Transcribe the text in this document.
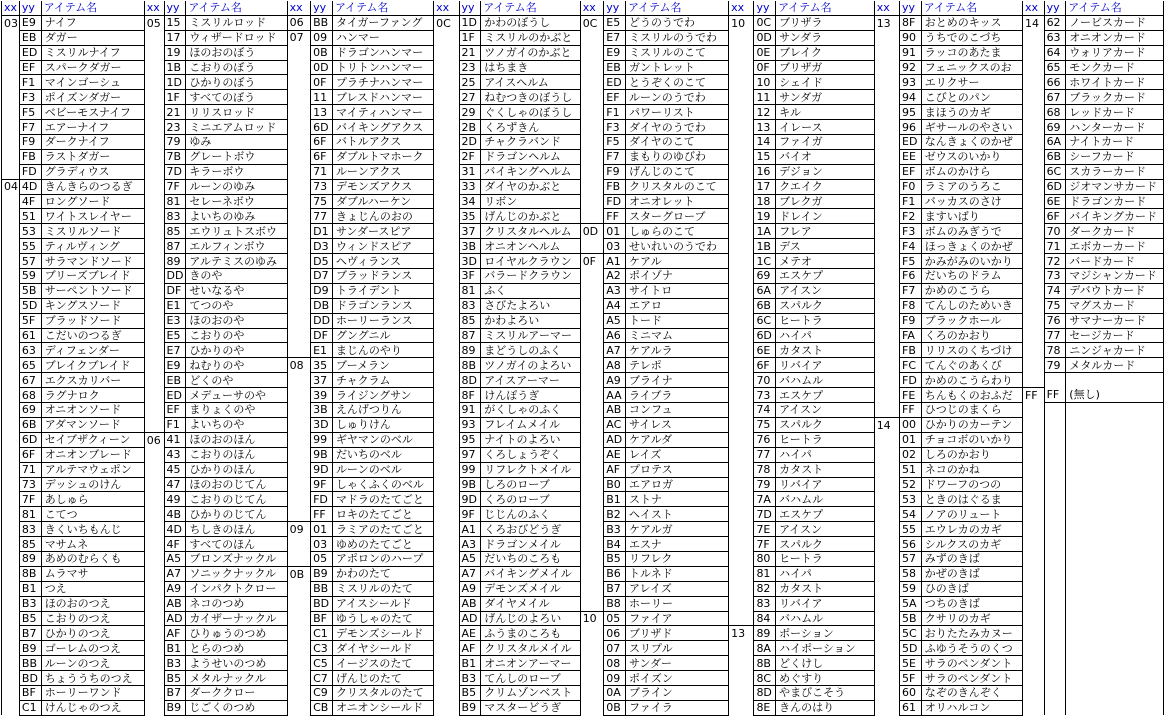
xx	yy	アイテム名	xx	yy	アイテム名	xx	yy	アイテム名	xx	yy	アイテム名	xx	yy	アイテム名	xx	yy	アイテム名	xx	yy	アイテム名	xx	yy	アイテム名
03	E9	ナイフ	05	15	ミスリルロッド	06	BB	タイガーファング	0C	1D	かわのぼうし	0C	E5	どうのうでわ	10	0C	ブリザラ	13	8F	おとめのキッス	14	62	ノービスカード
	EB	ダガー		17	ウィザードロッド	07	09	ハンマー		1F	ミスリルのかぶと		E7	ミスリルのうでわ		0D	サンダラ		90	うちでのこづち		63	オニオンカード
	ED	ミスリルナイフ		19	ほのおのぼう		0B	ドラゴンハンマー		21	ツノガイのかぶと		E9	ミスリルのこて		0E	ブレイク		91	ラッコのあたま		64	ウォリアカード
	EF	スパークダガー		1B	こおりのぼう		0D	トリトンハンマー		23	はちまき		EB	ガントレット		0F	ブリザガ		92	フェニックスのお		65	モンクカード
	F1	マインゴーシュ		1D	ひかりのぼう		0F	プラチナハンマー		25	アイスヘルム		ED	とうぞくのこて		10	シェイド		93	エリクサー		66	ホワイトカード
	F3	ポイズンダガー		1F	すべてのぼう		11	ブレスドハンマー		27	ねむつきのぼうし		EF	ルーンのうでわ		11	サンダガ		94	こびとのパン		67	ブラックカード
	F5	ベビーモスナイフ		21	リリスロッド		13	マイティハンマー		29	ぐくしゃのぼうし		F1	パワーリスト		12	キル		95	まほうのカギ		68	レッドカード
	F7	エアーナイフ		23	ミニエアムロッド		6D	バイキングアクス		2B	くろずきん		F3	ダイヤのうでわ		13	イレース		96	ギサールのやさい		69	ハンターカード
	F9	ダークナイフ		79	ゆみ		6F	バトルアクス		2D	チャクラバンド		F5	ダイヤのこて		14	ファイガ		ED	なんきょくのかぜ		6A	ナイトカード
	FB	ラストダガー		7B	グレートボウ		6F	ダブルトマホーク		2F	ドラゴンヘルム		F7	まもりのゆびわ		15	バイオ		EE	ゼウスのいかり		6B	シーフカード
	FD	グラディウス		7D	キラーボウ		71	ルーンアクス		31	バイキングヘルム		F9	げんじのこて		16	デジョン		EF	ボムのかけら		6C	スカラーカード
04	4D	きんきらのつるぎ		7F	ルーンのゆみ		73	デモンズアクス		33	ダイヤのかぶと		FB	クリスタルのこて		17	クエイク		F0	ラミアのうろこ		6D	ジオマンサカード
	4F	ロングソード		81	セレーネボウ		75	ダブルハーケン		34	リボン		FD	オニオレット		18	ブレクガ		F1	バッカスのさけ		6E	ドラゴンカード
	51	ワイトスレイヤー		83	よいちのゆみ		77	きょじんのおの		35	げんじのかぶと		FF	スターグローブ		19	ドレイン		F2	ますいばり		6F	バイキングカード
	53	ミスリルソード		85	エウリュトスボウ		D1	サンダースピア		37	クリスタルヘルム	0D	01	しゅらのこて		1A	フレア		F3	ボムのみぎうで		70	ダークカード
	55	ティルヴィング		87	エルフィンボウ		D3	ウィンドスピア		3B	オニオンヘルム		03	せいれいのうでわ		1B	デス		F4	ほっきょくのかぜ		71	エボカーカード
	57	サラマンドソード		89	アルテミスのゆみ		D5	ヘヴィランス		3D	ロイヤルクラウン	0F	A1	ケアル		1C	メテオ		F5	かみがみのいかり		72	バードカード
	59	ブリーズブレイド		DD	きのや		D7	ブラッドランス		3F	バラードクラウン		A2	ポイゾナ		69	エスケプ		F6	だいちのドラム		73	マジシャンカード
	5B	サーペントソード		DF	せいなるや		D9	トライデント		81	ふく		A3	サイトロ		6A	アイスン		F7	かめのこうら		74	デバウトカード
	5D	キングスソード		E1	てつのや		DB	ドラゴンランス		83	さびたよろい		A4	エアロ		6B	スパルク		F8	てんしのためいき		75	マグスカード
	5F	ブラッドソード		E3	ほのおのや		DD	ホーリーランス		85	かわよろい		A5	トード		6C	ヒートラ		F9	ブラックホール		76	サマナーカード
	61	こだいのつるぎ		E5	こおりのや		DF	グングニル		87	ミスリルアーマー		A6	ミニマム		6D	ハイパ		FA	くろのかおり		77	セージカード
	63	ディフェンダー		E7	ひかりのや		E1	まじんのやり		89	まどうしのふく		A7	ケアルラ		6E	カタスト		FB	リリスのくちづけ		78	ニンジャカード
	65	ブレイクブレイド		E9	ねむりのや	08	35	ブーメラン		8B	ツノガイのよろい		A8	テレポ		6F	リバイア		FC	てんぐのあくび		79	メタルカード
	67	エクスカリバー		EB	どくのや		37	チャクラム		8D	アイスアーマー		A9	ブライナ		70	バハムル		FD	かめのこうらわり			
	68	ラグナロク		ED	メデューサのや		39	ライジングサン		8F	けんぽうぎ		AA	ライブラ		73	エスケプ		FE	ちんもくのおふだ	FF	FF	(無し)
	69	オニオンソード		EF	まりょくのや		3B	えんげつりん		91	がくしゃのふく		AB	コンフュ		74	アイスン		FF	ひつじのまくら			
	6B	アダマンソード		F1	よいちのや		3D	しゅりけん		93	フレイムメイル		AC	サイレス		75	スパルク	14	00	ひかりのカーテン			
	6D	セイブザクィーン	06	41	ほのおのほん		99	ギヤマンのベル		95	ナイトのよろい		AD	ケアルダ		76	ヒートラ		01	チョコボのいかり			
	6F	オニオンブレード		43	こおりのほん		9B	だいちのベル		97	くろしょうぞく		AE	レイズ		77	ハイパ		02	しろのかおり			
	71	アルテマウェポン		45	ひかりのほん		9D	ルーンのベル		99	リフレクトメイル		AF	プロテス		78	カタスト		51	ネコのかね			
	73	デッシュのけん		47	ほのおのじてん		9F	しゃくふくのベル		9B	しろのローブ		B0	エアロガ		79	リバイア		52	ドワーフのつの			
	7F	あしゅら		49	こおりのじてん		FD	マドラのたてごと		9D	くろのローブ		B1	ストナ		7A	バハムル		53	ときのはぐるま			
	81	こてつ		4B	ひかりのじてん		FF	ロキのたてごと		9F	じじんのふく		B2	ヘイスト		7D	エスケプ		54	ノアのリュート			
	83	きくいちもんじ		4D	ちしきのほん	09	01	ラミアのたてごと		A1	くろおびどうぎ		B3	ケアルガ		7E	アイスン		55	エウレカのカギ			
	85	マサムネ		4F	すべてのほん		03	ゆめのたてごと		A3	ドラゴンメイル		B4	エスナ		7F	スパルク		56	シルクスのカギ			
	89	あめのむらくも		A5	ブロンズナックル		05	アポロンのハープ		A5	だいちのころも		B5	リフレク		80	ヒートラ		57	みずのきば			
	8B	ムラマサ		A7	ソニックナックル	0B	B9	かわのたて		A7	バイキングメイル		B6	トルネド		81	ハイパ		58	かぜのきば			
	B1	つえ		A9	インパクトクロー		BB	ミスリルのたて		A9	デモンズメイル		B7	アレイズ		82	カタスト		59	ひのきば			
	B3	ほのおのつえ		AB	ネコのつめ		BD	アイスシールド		AB	ダイヤメイル		B8	ホーリー		83	リバイア		5A	つちのきば			
	B5	こおりのつえ		AD	カイザーナックル		BF	ゆうしゃのたて		AD	げんじのよろい	10	05	ファイア		84	バハムル		5B	クサリのカギ			
	B7	ひかりのつえ		AF	ひりゅうのつめ		C1	デモンズシールド		AE	ふうまのころも		06	ブリザド	13	89	ポーション		5C	おりたたみカヌー			
	B9	ゴーレムのつえ		B1	とらのつめ		C3	ダイヤシールド		AF	クリスタルメイル		07	スリプル		8A	ハイポーション		5D	ふゆうそうのくつ			
	BB	ルーンのつえ		B3	ようせいのつめ		C5	イージスのたて		B1	オニオンアーマー		08	サンダー		8B	どくけし		5E	サラのペンダント			
	BD	ちょううちのつえ		B5	メタルナックル		C7	げんじのたて		B3	てんしのローブ		09	ポイズン		8C	めぐすり		5F	サラのペンダント			
	BF	ホーリーワンド		B7	ダーククロー		C9	クリスタルのたて		B5	クリムゾンベスト		0A	ブライン		8D	やまびこそう		60	なぞのきんぞく			
	C1	けんじゃのつえ		B9	じごくのつめ		CB	オニオンシールド		B9	マスターどうぎ		0B	ファイラ		8E	きんのはり		61	オリハルコン			
